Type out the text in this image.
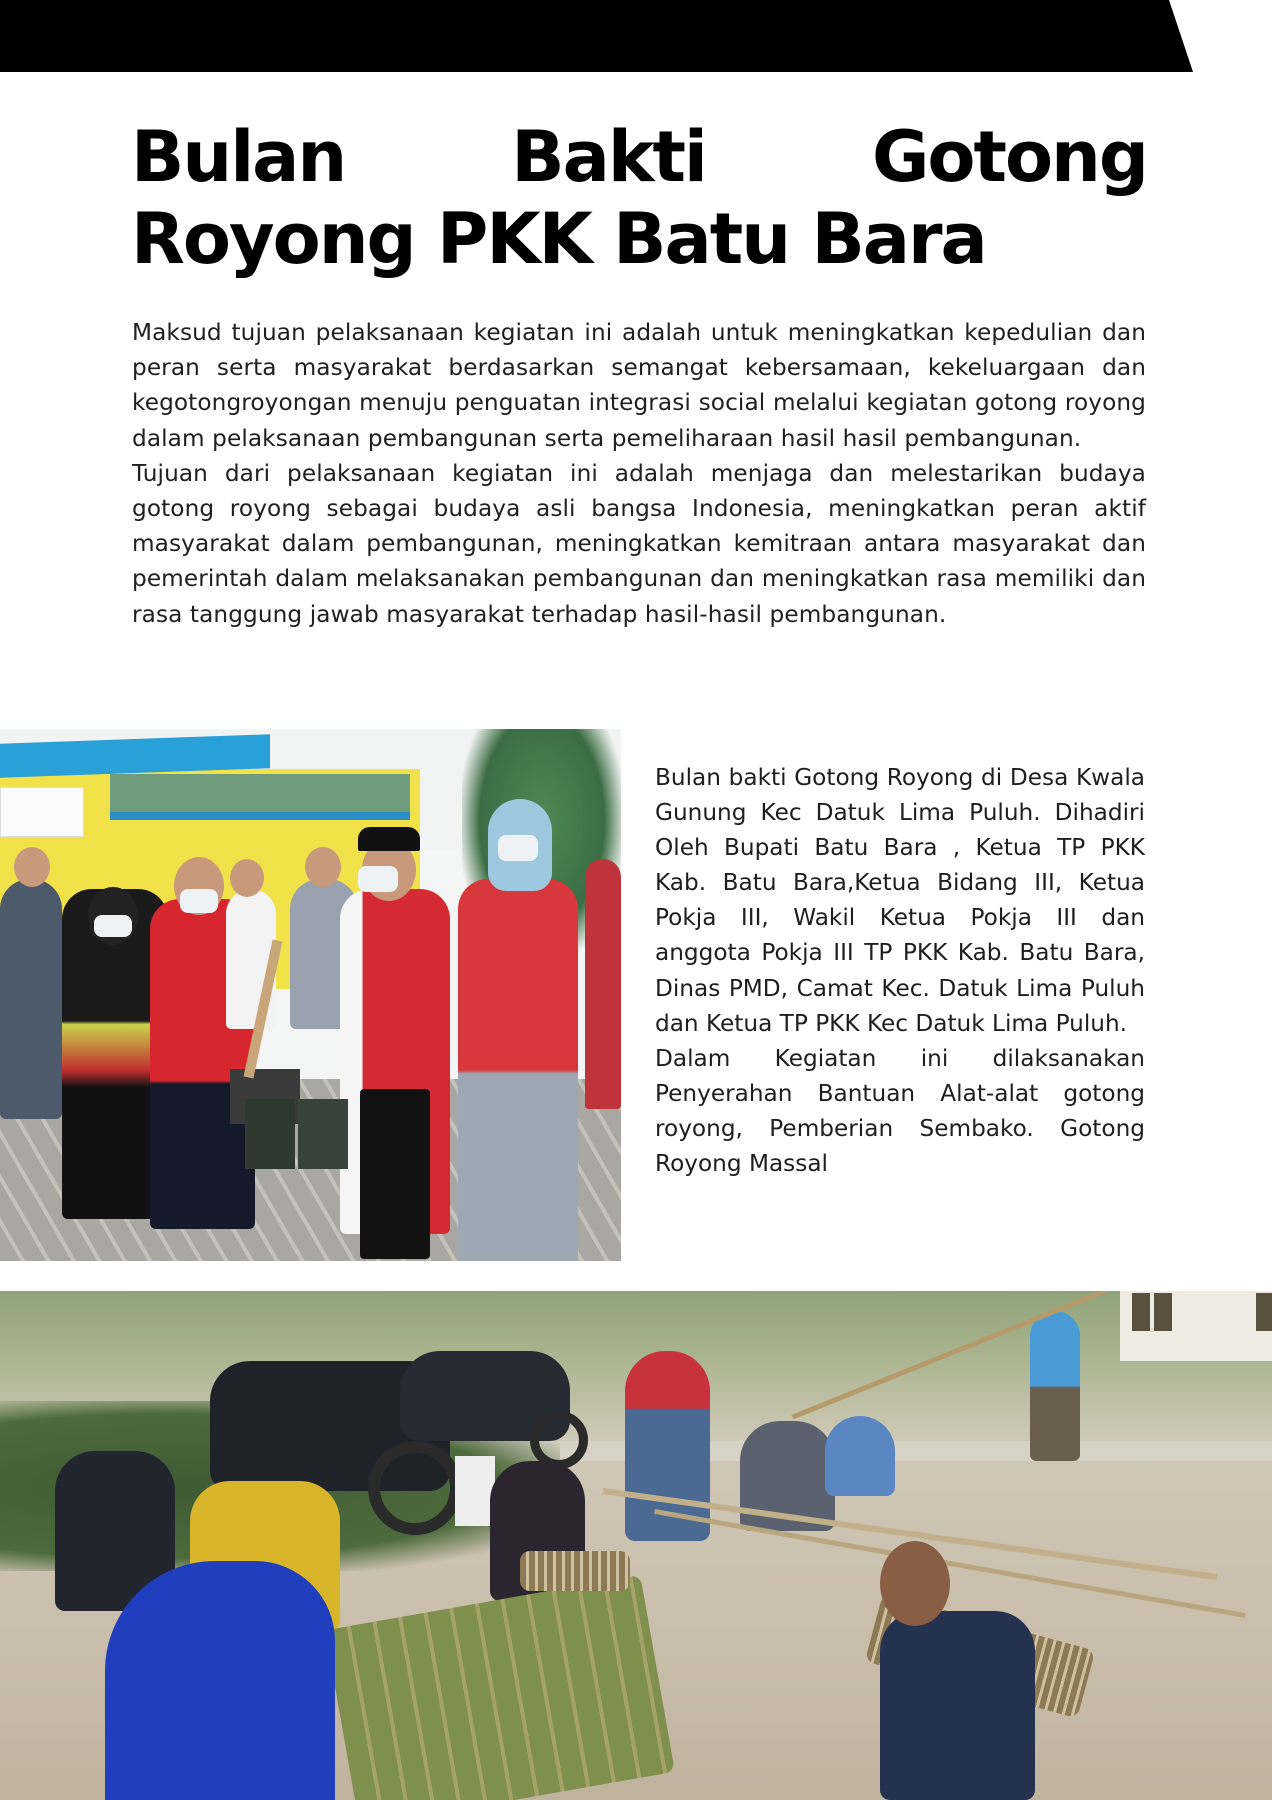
Bulan Bakti Gotong
Royong PKK Batu Bara

Maksud tujuan pelaksanaan kegiatan ini adalah untuk meningkatkan kepedulian dan peran serta masyarakat berdasarkan semangat kebersamaan, kekeluargaan dan kegotongroyongan menuju penguatan integrasi social melalui kegiatan gotong royong dalam pelaksanaan pembangunan serta pemeliharaan hasil hasil pembangunan.

Tujuan dari pelaksanaan kegiatan ini adalah menjaga dan melestarikan budaya gotong royong sebagai budaya asli bangsa Indonesia, meningkatkan peran aktif masyarakat dalam pembangunan, meningkatkan kemitraan antara masyarakat dan pemerintah dalam melaksanakan pembangunan dan meningkatkan rasa memiliki dan rasa tanggung jawab masyarakat terhadap hasil-hasil pembangunan.

Bulan bakti Gotong Royong di Desa Kwala Gunung Kec Datuk Lima Puluh. Dihadiri Oleh Bupati Batu Bara , Ketua TP PKK Kab. Batu Bara,Ketua Bidang III, Ketua Pokja III, Wakil Ketua Pokja III dan anggota Pokja III TP PKK Kab. Batu Bara, Dinas PMD, Camat Kec. Datuk Lima Puluh dan Ketua TP PKK Kec Datuk Lima Puluh.

Dalam Kegiatan ini dilaksanakan Penyerahan Bantuan Alat-alat gotong royong, Pemberian Sembako. Gotong Royong Massal
